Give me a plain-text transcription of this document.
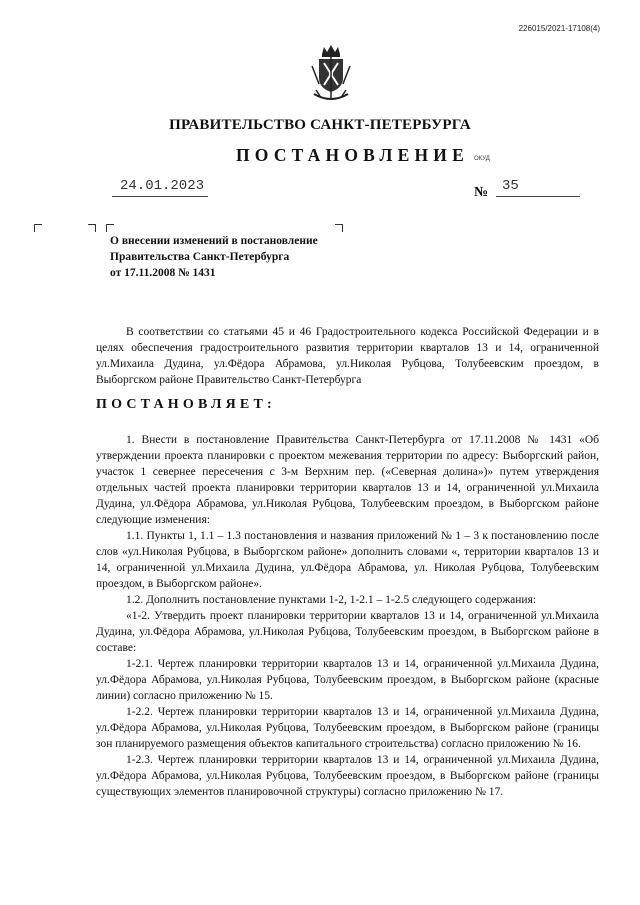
226015/2021-17108(4)
ПРАВИТЕЛЬСТВО САНКТ-ПЕТЕРБУРГА
ПОСТАНОВЛЕНИЕ ОКУД
24.01.2023	№ 35
О внесении изменений в постановление
Правительства Санкт-Петербурга
от 17.11.2008 № 1431

В соответствии со статьями 45 и 46 Градостроительного кодекса Российской Федерации и в целях обеспечения градостроительного развития территории кварталов 13 и 14, ограниченной ул.Михаила Дудина, ул.Фёдора Абрамова, ул.Николая Рубцова, Толубеевским проездом, в Выборгском районе Правительство Санкт-Петербурга

ПОСТАНОВЛЯЕТ:

1. Внести в постановление Правительства Санкт-Петербурга от 17.11.2008 № 1431 «Об утверждении проекта планировки с проектом межевания территории по адресу: Выборгский район, участок 1 севернее пересечения с 3-м Верхним пер. («Северная долина»)» путем утверждения отдельных частей проекта планировки территории кварталов 13 и 14, ограниченной ул.Михаила Дудина, ул.Фёдора Абрамова, ул.Николая Рубцова, Толубеевским проездом, в Выборгском районе следующие изменения:

1.1. Пункты 1, 1.1 – 1.3 постановления и названия приложений № 1 – 3 к постановлению после слов «ул.Николая Рубцова, в Выборгском районе» дополнить словами «, территории кварталов 13 и 14, ограниченной ул.Михаила Дудина, ул.Фёдора Абрамова, ул. Николая Рубцова, Толубеевским проездом, в Выборгском районе».

1.2. Дополнить постановление пунктами 1-2, 1-2.1 – 1-2.5 следующего содержания:

«1-2. Утвердить проект планировки территории кварталов 13 и 14, ограниченной ул.Михаила Дудина, ул.Фёдора Абрамова, ул.Николая Рубцова, Толубеевским проездом, в Выборгском районе в составе:

1-2.1. Чертеж планировки территории кварталов 13 и 14, ограниченной ул.Михаила Дудина, ул.Фёдора Абрамова, ул.Николая Рубцова, Толубеевским проездом, в Выборгском районе (красные линии) согласно приложению № 15.

1-2.2. Чертеж планировки территории кварталов 13 и 14, ограниченной ул.Михаила Дудина, ул.Фёдора Абрамова, ул.Николая Рубцова, Толубеевским проездом, в Выборгском районе (границы зон планируемого размещения объектов капитального строительства) согласно приложению № 16.

1-2.3. Чертеж планировки территории кварталов 13 и 14, ограниченной ул.Михаила Дудина, ул.Фёдора Абрамова, ул.Николая Рубцова, Толубеевским проездом, в Выборгском районе (границы существующих элементов планировочной структуры) согласно приложению № 17.
